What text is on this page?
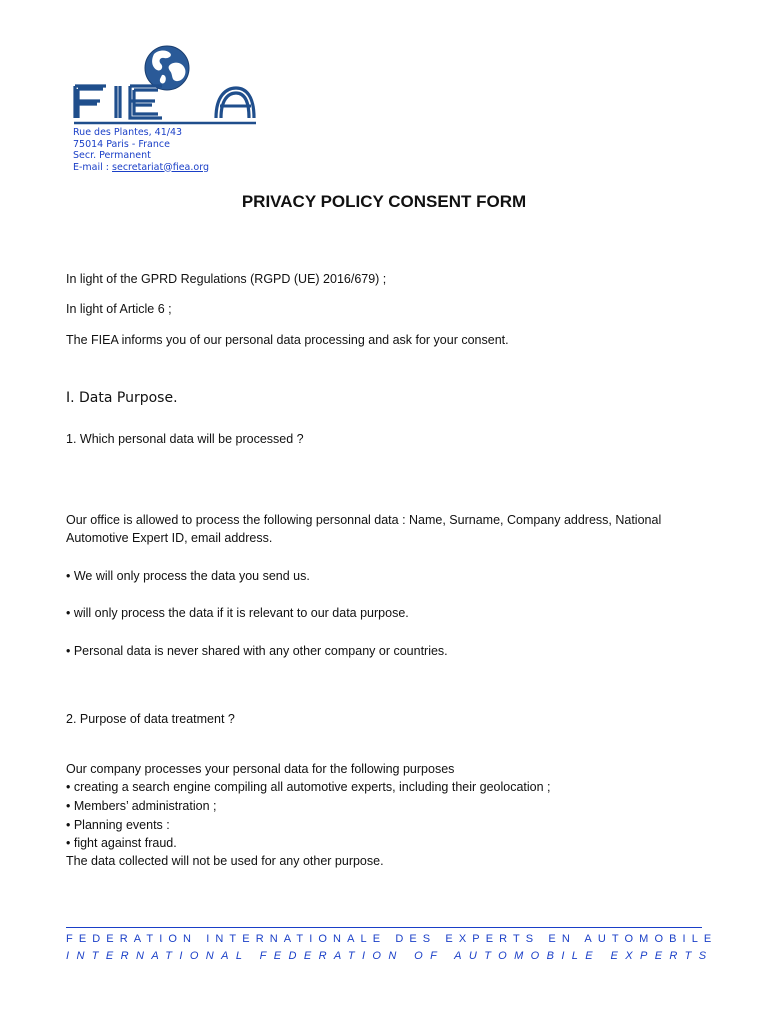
Rue des Plantes, 41/43
75014 Paris - France
Secr. Permanent
E-mail : secretariat@fiea.org
PRIVACY POLICY CONSENT FORM
In light of the GPRD Regulations (RGPD (UE) 2016/679) ;
In light of Article 6 ;
The FIEA informs you of our personal data processing and ask for your consent.
I. Data Purpose.
1. Which personal data will be processed ?
Our office is allowed to process the following personnal data : Name, Surname, Company address, National Automotive Expert ID, email address.
• We will only process the data you send us.
• will only process the data if it is relevant to our data purpose.
• Personal data is never shared with any other company or countries.
2. Purpose of data treatment ?
Our company processes your personal data for the following purposes
• creating a search engine compiling all automotive experts, including their geolocation ;
• Members’ administration ;
• Planning events :
• fight against fraud.
The data collected will not be used for any other purpose.
FEDERATION INTERNATIONALE DES EXPERTS EN AUTOMOBILE
INTERNATIONAL FEDERATION OF AUTOMOBILE EXPERTS
